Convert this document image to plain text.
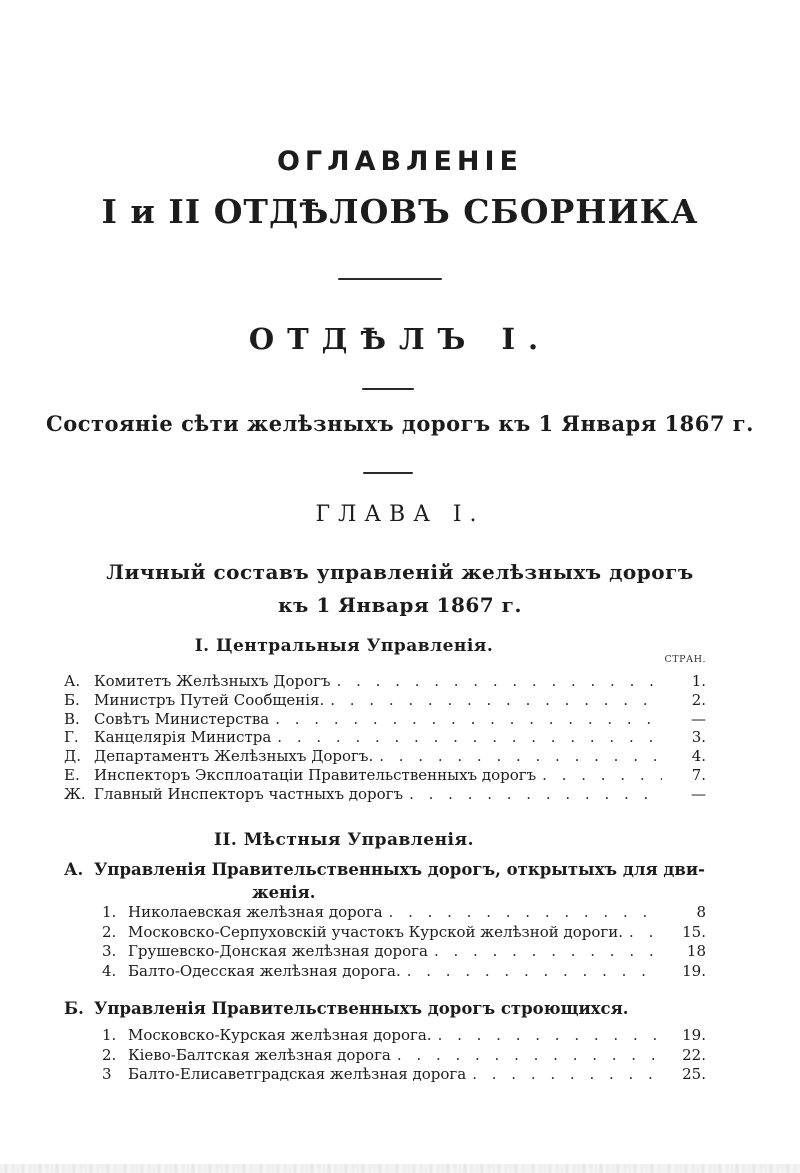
ОГЛАВЛЕНІЕ
I и II ОТДѢЛОВЪ СБОРНИКА
ОТДѢЛЪ I.
Состояніе сѣти желѣзныхъ дорогъ къ 1 Января 1867 г.
ГЛАВА I.
Личный составъ управленій желѣзныхъ дорогъ
къ 1 Января 1867 г.
I. Центральныя Управленія.
СТРАН.
А. Комитетъ Желѣзныхъ Дорогъ . . .	1.
Б. Министръ Путей Сообщенія. . . .	2.
В. Совѣтъ Министерства . . .	—
Г.	Канцелярія Министра . . .	3.
Д. Департаментъ Желѣзныхъ Дорогъ. . . .	4.
Е. Инспекторъ Эксплоатаціи Правительственныхъ дорогъ . . .	7.
Ж. Главный Инспекторъ частныхъ дорогъ . . .	—
II. Мѣстныя Управленія.
А. Управленія Правительственныхъ дорогъ, открытыхъ для дви-
женія.
1. Николаевская желѣзная дорога . . .	8
2. Московско-Серпуховскій участокъ Курской желѣзной дороги. . . .	15.
3. Грушевско-Донская желѣзная дорога . . .	18
4. Балто-Одесская желѣзная дорога. . . .	19.
Б. Управленія Правительственныхъ дорогъ строющихся.
1. Московско-Курская желѣзная дорога. . . .	19.
2. Кіево-Балтская желѣзная дорога . . .	22.
3	Балто-Елисаветградская желѣзная дорога . . .	25.
